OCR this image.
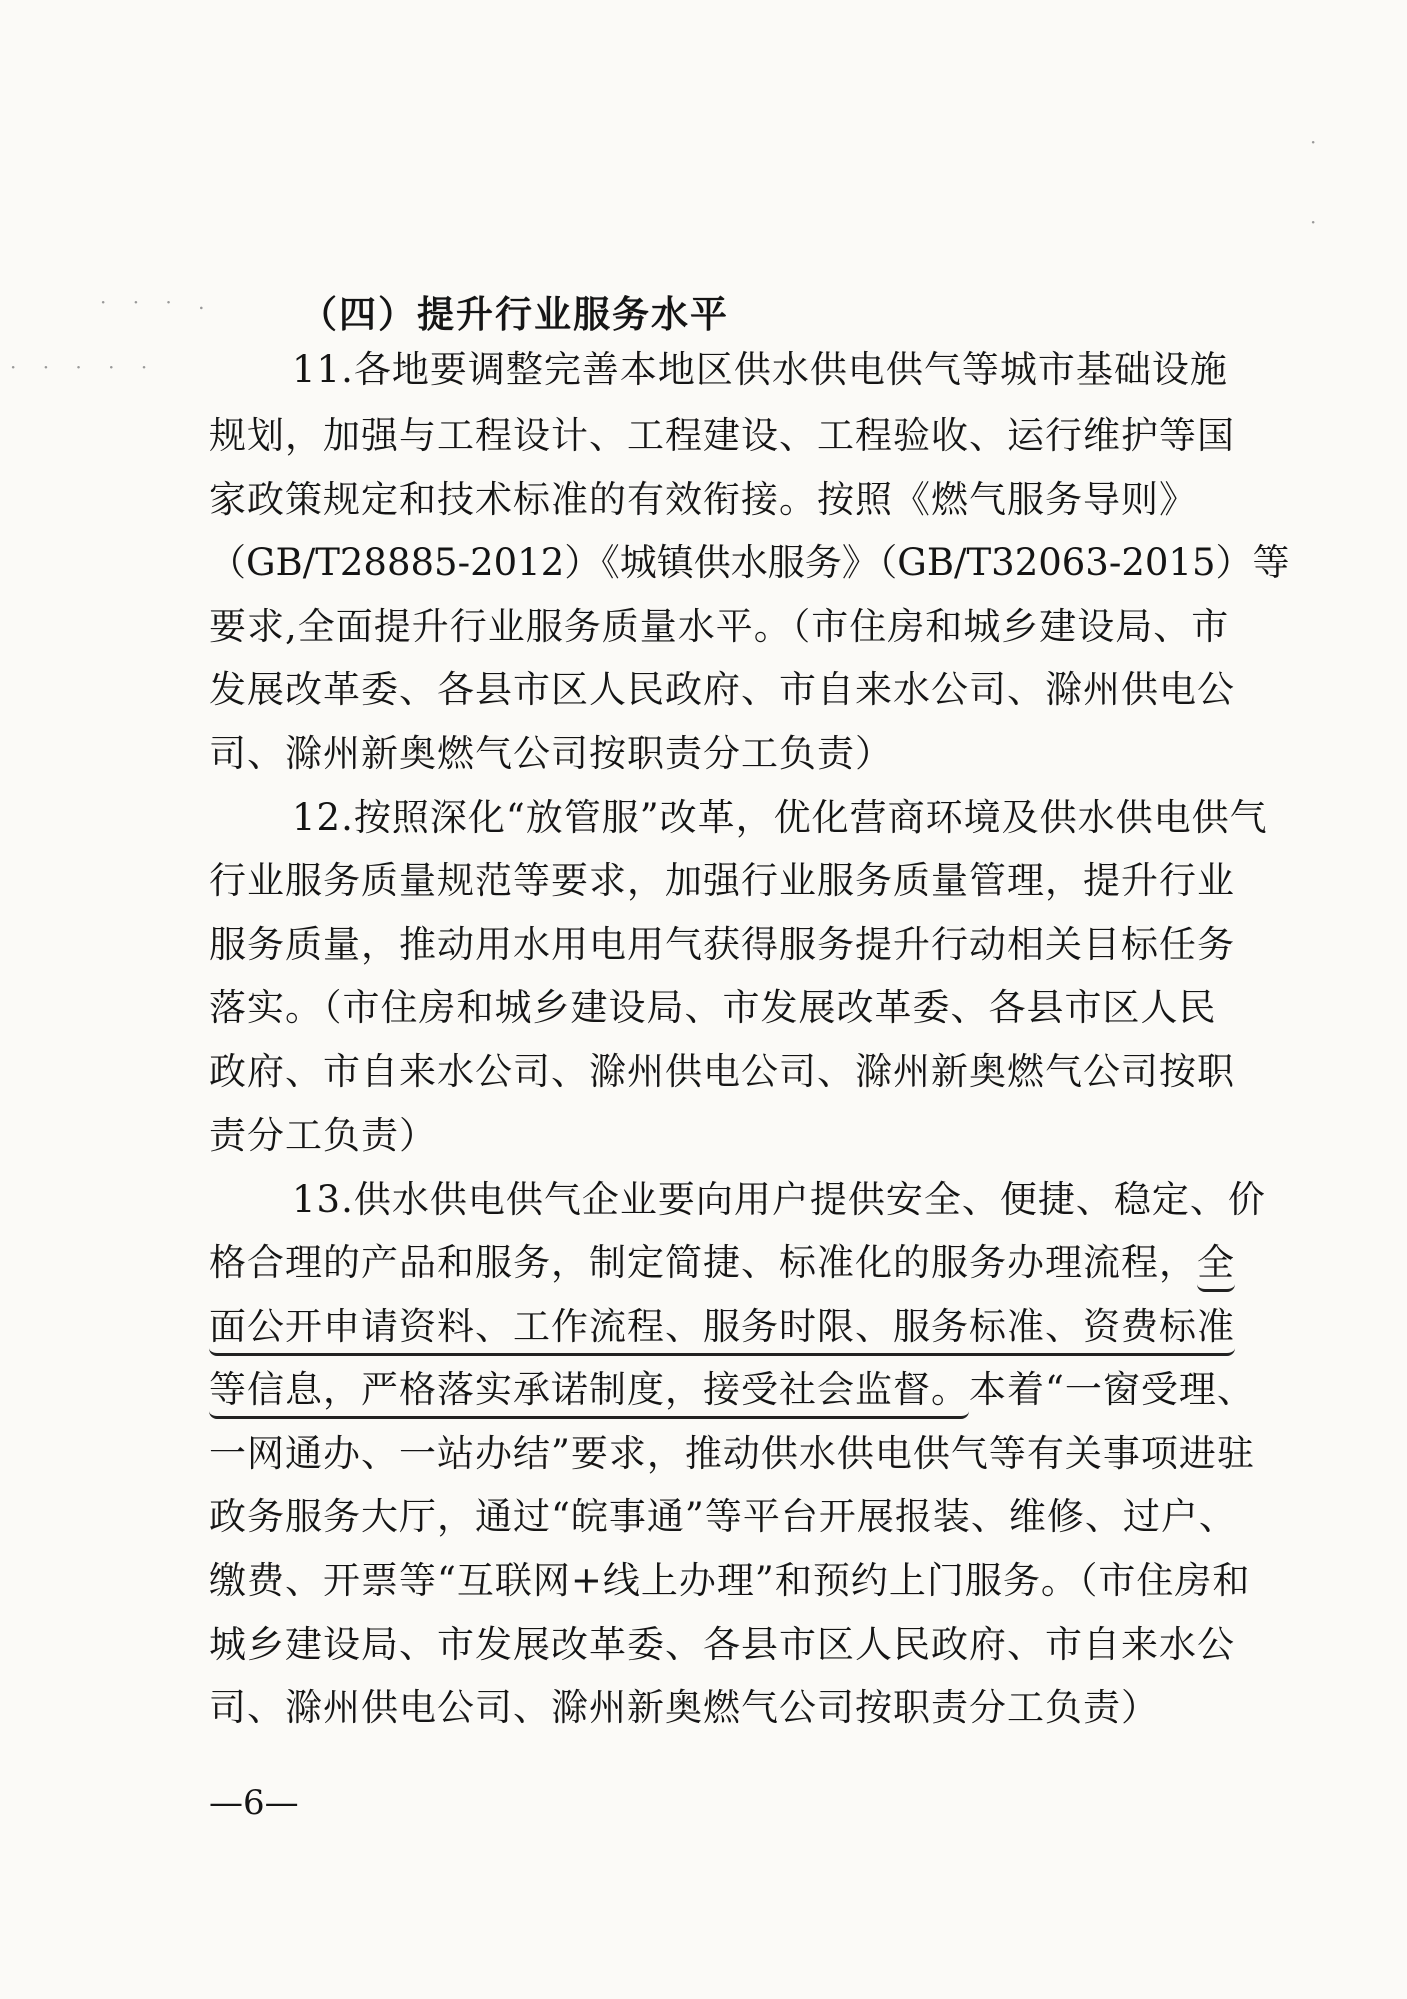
· · · .
· · · · ·
·
·
（四）提升行业服务水平
11.各地要调整完善本地区供水供电供气等城市基础设施
规划，加强与工程设计、工程建设、工程验收、运行维护等国
家政策规定和技术标准的有效衔接。按照《燃气服务导则》
（GB/T28885-2012）《城镇供水服务》（GB/T32063-2015）等
要求,全面提升行业服务质量水平。（市住房和城乡建设局、市
发展改革委、各县市区人民政府、市自来水公司、滁州供电公
司、滁州新奥燃气公司按职责分工负责）
12.按照深化“放管服”改革，优化营商环境及供水供电供气
行业服务质量规范等要求，加强行业服务质量管理，提升行业
服务质量，推动用水用电用气获得服务提升行动相关目标任务
落实。（市住房和城乡建设局、市发展改革委、各县市区人民
政府、市自来水公司、滁州供电公司、滁州新奥燃气公司按职
责分工负责）
13.供水供电供气企业要向用户提供安全、便捷、稳定、价
格合理的产品和服务，制定简捷、标准化的服务办理流程，全
面公开申请资料、工作流程、服务时限、服务标准、资费标准
等信息，严格落实承诺制度，接受社会监督。本着“一窗受理、
一网通办、一站办结”要求，推动供水供电供气等有关事项进驻
政务服务大厅，通过“皖事通”等平台开展报装、维修、过户、
缴费、开票等“互联网+线上办理”和预约上门服务。（市住房和
城乡建设局、市发展改革委、各县市区人民政府、市自来水公
司、滁州供电公司、滁州新奥燃气公司按职责分工负责）
—6—
